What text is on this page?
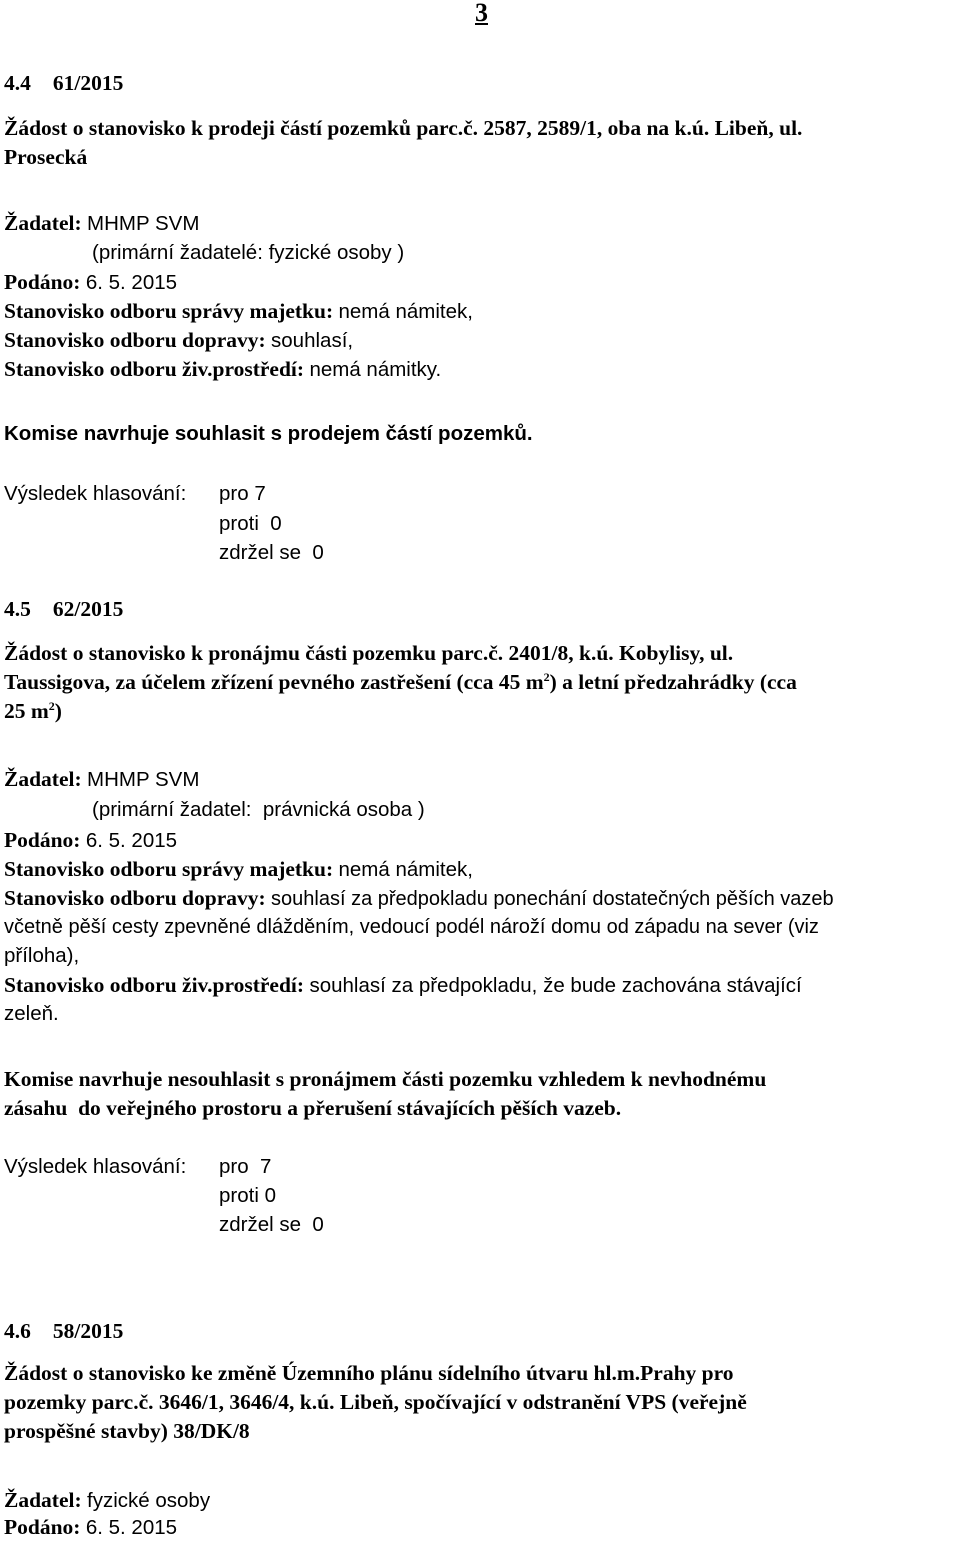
3
4.4 61/2015
Žádost o stanovisko k prodeji částí pozemků parc.č. 2587, 2589/1, oba na k.ú. Libeň, ul.
Prosecká
Žadatel: MHMP SVM
(primární žadatelé: fyzické osoby )
Podáno: 6. 5. 2015
Stanovisko odboru správy majetku: nemá námitek,
Stanovisko odboru dopravy: souhlasí,
Stanovisko odboru živ.prostředí: nemá námitky.
Komise navrhuje souhlasit s prodejem částí pozemků.
Výsledek hlasování: pro 7
proti  0
zdržel se  0
4.5 62/2015
Žádost o stanovisko k pronájmu části pozemku parc.č. 2401/8, k.ú. Kobylisy, ul.
Taussigova, za účelem zřízení pevného zastřešení (cca 45 $m^2$) a letní předzahrádky (cca
25 $m^2$)
Žadatel: MHMP SVM
(primární žadatel:  právnická osoba )
Podáno: 6. 5. 2015
Stanovisko odboru správy majetku: nemá námitek,
Stanovisko odboru dopravy: souhlasí za předpokladu ponechání dostatečných pěších vazeb
včetně pěší cesty zpevněné dlážděním, vedoucí podél nároží domu od západu na sever (viz
příloha),
Stanovisko odboru živ.prostředí: souhlasí za předpokladu, že bude zachována stávající
zeleň.
Komise navrhuje nesouhlasit s pronájmem části pozemku vzhledem k nevhodnému
zásahu  do veřejného prostoru a přerušení stávajících pěších vazeb.
Výsledek hlasování: pro  7
proti 0
zdržel se  0
4.6 58/2015
Žádost o stanovisko ke změně Územního plánu sídelního útvaru hl.m.Prahy pro
pozemky parc.č. 3646/1, 3646/4, k.ú. Libeň, spočívající v odstranění VPS (veřejně
prospěšné stavby) 38/DK/8
Žadatel: fyzické osoby
Podáno: 6. 5. 2015
